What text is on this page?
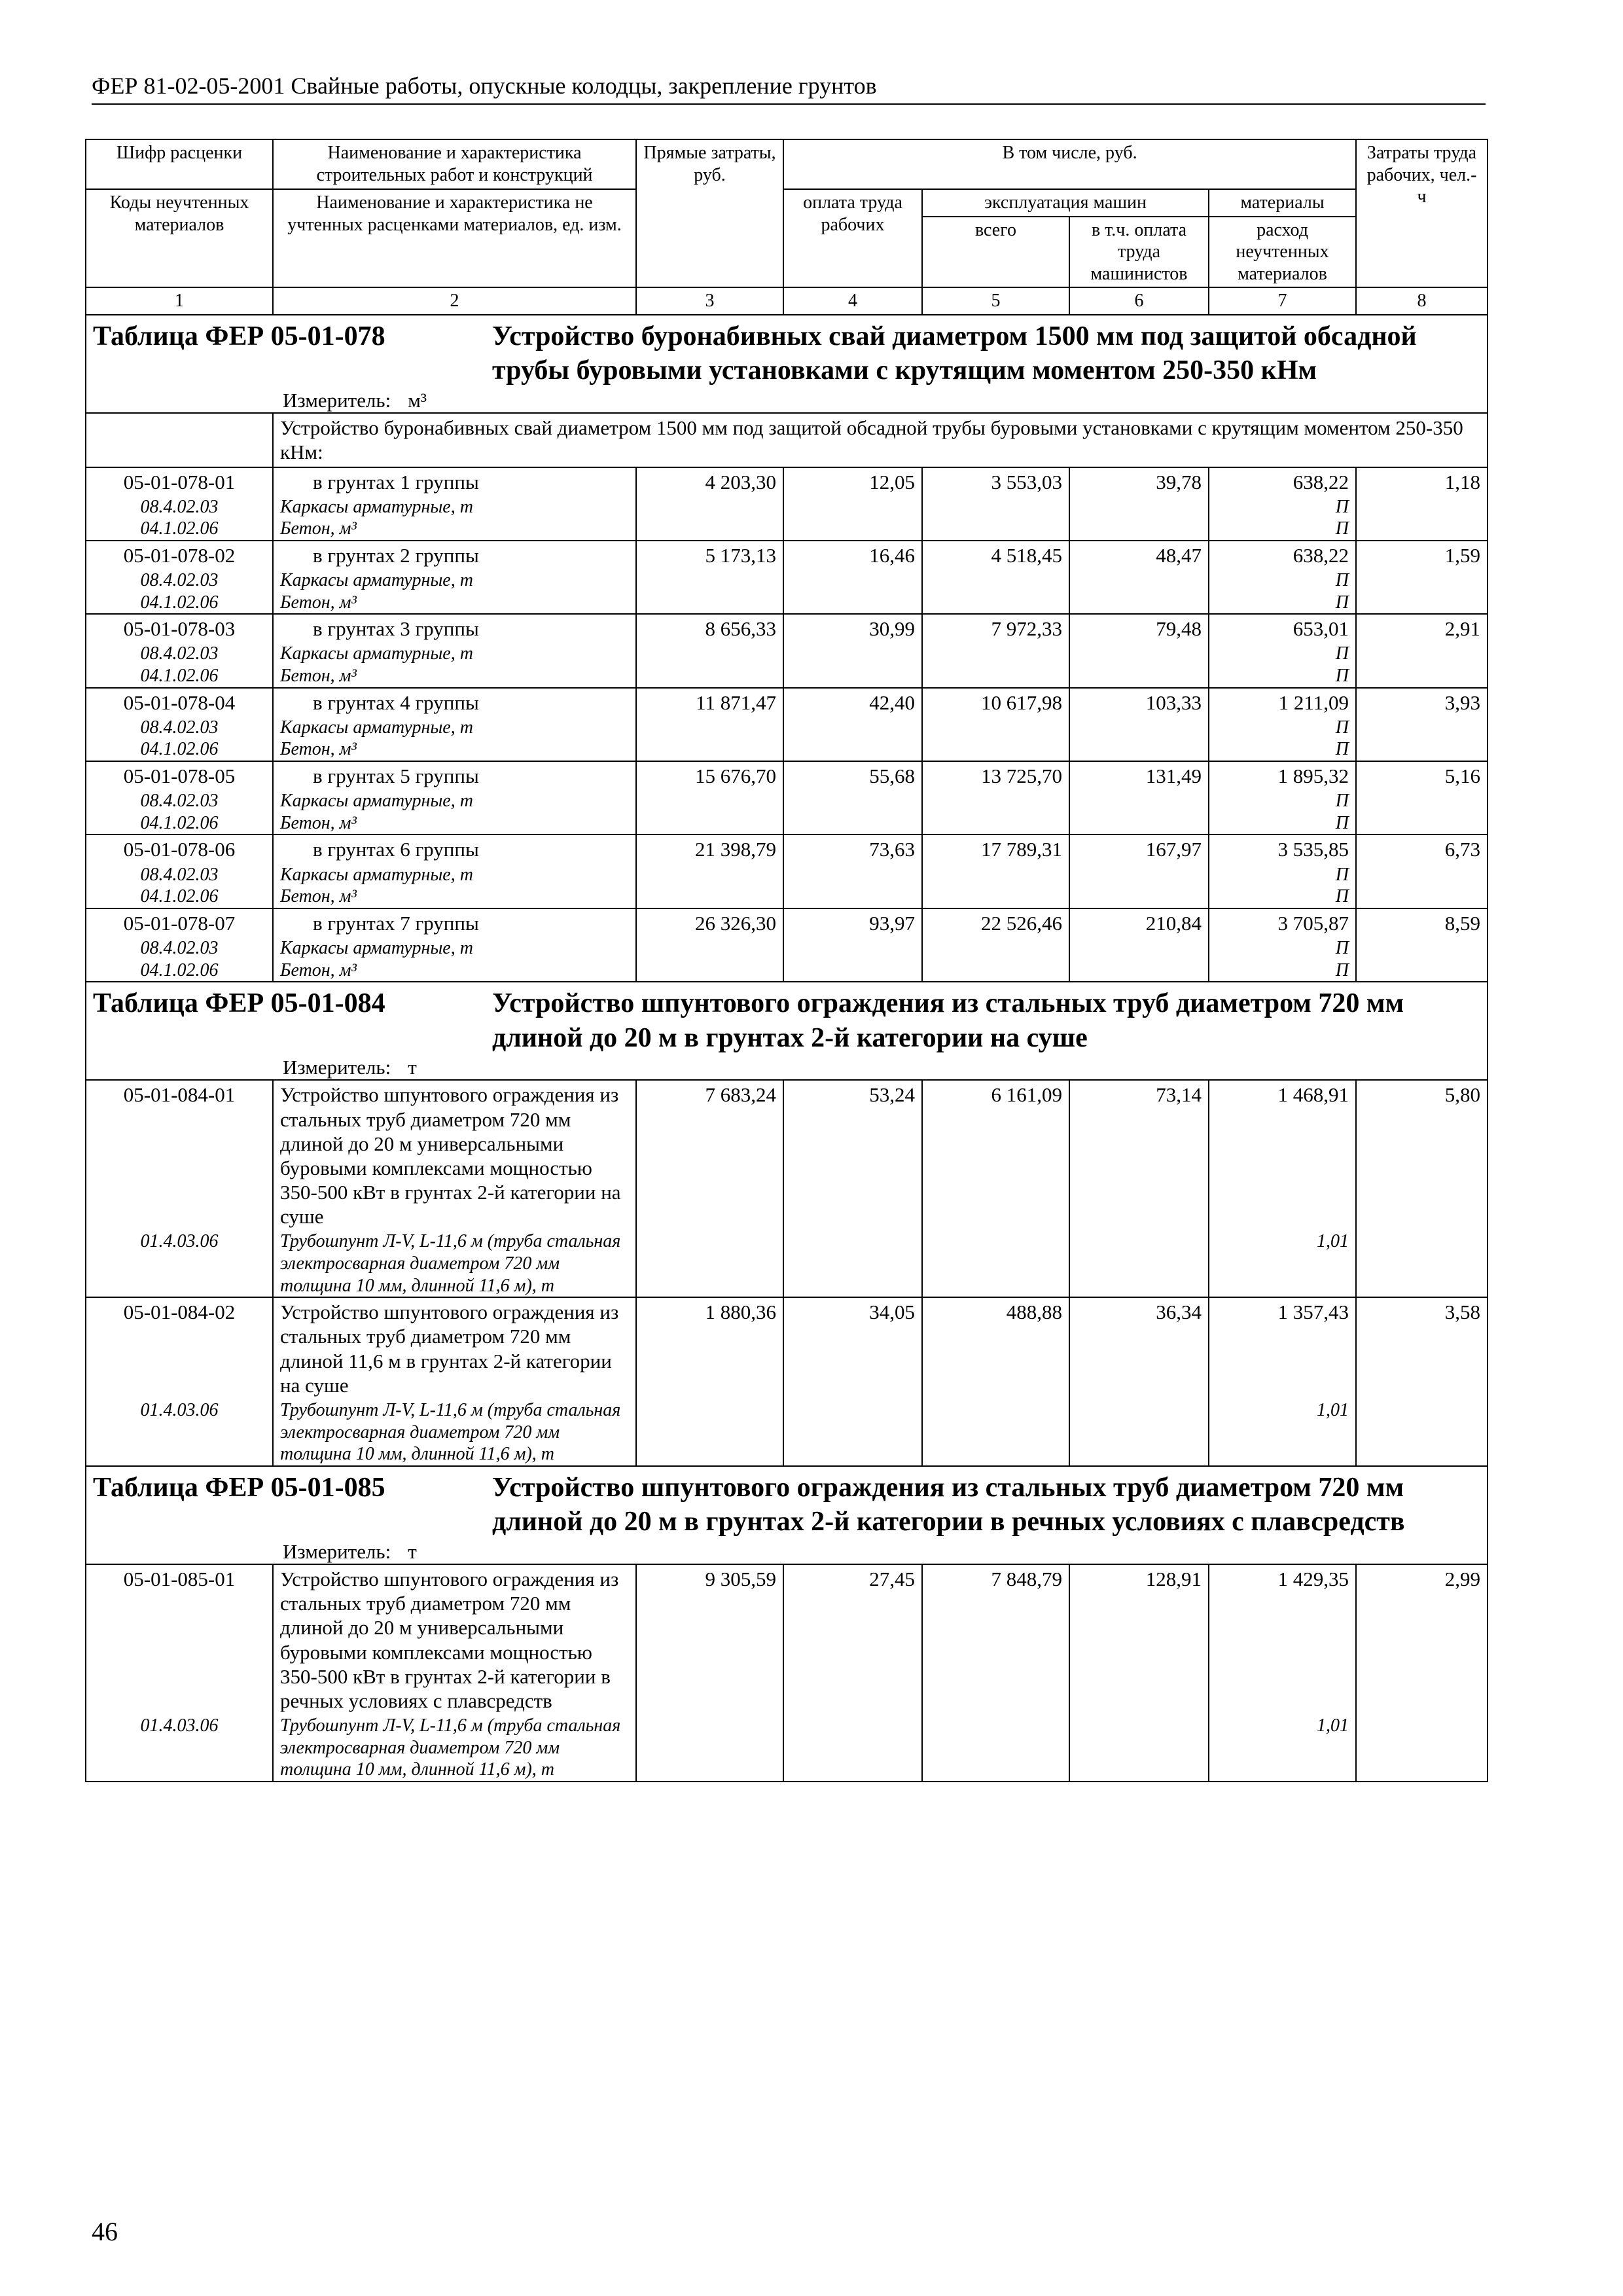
ФЕР 81-02-05-2001 Свайные работы, опускные колодцы, закрепление грунтов
Шифр расценки	Наименование и характеристика строительных работ и конструкций	Прямые затраты, руб.	В том числе, руб.				Затраты труда рабочих, чел.-ч
Коды неучтенных материалов	Наименование и характеристика не учтенных расценками материалов, ед. изм.						
			оплата труда рабочих	эксплуатация машин		материалы	
				всего	в т.ч. оплата труда машинистов	расход неучтенных материалов	
1	2	3	4	5	6	7	8

Таблица ФЕР 05-01-078 Устройство буронабивных свай диаметром 1500 мм под защитой обсадной трубы буровыми установками с крутящим моментом 250-350 кНм
Измеритель: м³							

	Устройство буронабивных свай диаметром 1500 мм под защитой обсадной трубы буровыми установками с крутящим моментом 250-350 кНм:						
05-01-078-01	в грунтах 1 группы	4 203,30	12,05	3 553,03	39,78	638,22	1,18
08.4.02.03	Каркасы арматурные, т					П	
04.1.02.06	Бетон, м³					П	
05-01-078-02	в грунтах 2 группы	5 173,13	16,46	4 518,45	48,47	638,22	1,59
08.4.02.03	Каркасы арматурные, т					П	
04.1.02.06	Бетон, м³					П	
05-01-078-03	в грунтах 3 группы	8 656,33	30,99	7 972,33	79,48	653,01	2,91
08.4.02.03	Каркасы арматурные, т					П	
04.1.02.06	Бетон, м³					П	
05-01-078-04	в грунтах 4 группы	11 871,47	42,40	10 617,98	103,33	1 211,09	3,93
08.4.02.03	Каркасы арматурные, т					П	
04.1.02.06	Бетон, м³					П	
05-01-078-05	в грунтах 5 группы	15 676,70	55,68	13 725,70	131,49	1 895,32	5,16
08.4.02.03	Каркасы арматурные, т					П	
04.1.02.06	Бетон, м³					П	
05-01-078-06	в грунтах 6 группы	21 398,79	73,63	17 789,31	167,97	3 535,85	6,73
08.4.02.03	Каркасы арматурные, т					П	
04.1.02.06	Бетон, м³					П	
05-01-078-07	в грунтах 7 группы	26 326,30	93,97	22 526,46	210,84	3 705,87	8,59
08.4.02.03	Каркасы арматурные, т					П	
04.1.02.06	Бетон, м³					П	

Таблица ФЕР 05-01-084 Устройство шпунтового ограждения из стальных труб диаметром 720 мм длиной до 20 м в грунтах 2-й категории на суше
Измеритель: т							

05-01-084-01	Устройство шпунтового ограждения из стальных труб диаметром 720 мм длиной до 20 м универсальными буровыми комплексами мощностью 350-500 кВт в грунтах 2-й категории на суше	7 683,24	53,24	6 161,09	73,14	1 468,91	5,80
01.4.03.06	Трубошпунт Л-V, L-11,6 м (труба стальная электросварная диаметром 720 мм толщина 10 мм, длинной 11,6 м), т					1,01	
05-01-084-02	Устройство шпунтового ограждения из стальных труб диаметром 720 мм длиной 11,6 м в грунтах 2-й категории на суше	1 880,36	34,05	488,88	36,34	1 357,43	3,58
01.4.03.06	Трубошпунт Л-V, L-11,6 м (труба стальная электросварная диаметром 720 мм толщина 10 мм, длинной 11,6 м), т					1,01	

Таблица ФЕР 05-01-085 Устройство шпунтового ограждения из стальных труб диаметром 720 мм длиной до 20 м в грунтах 2-й категории в речных условиях с плавсредств
Измеритель: т							

05-01-085-01	Устройство шпунтового ограждения из стальных труб диаметром 720 мм длиной до 20 м универсальными буровыми комплексами мощностью 350-500 кВт в грунтах 2-й категории в речных условиях с плавсредств	9 305,59	27,45	7 848,79	128,91	1 429,35	2,99
01.4.03.06	Трубошпунт Л-V, L-11,6 м (труба стальная электросварная диаметром 720 мм толщина 10 мм, длинной 11,6 м), т					1,01	
46
